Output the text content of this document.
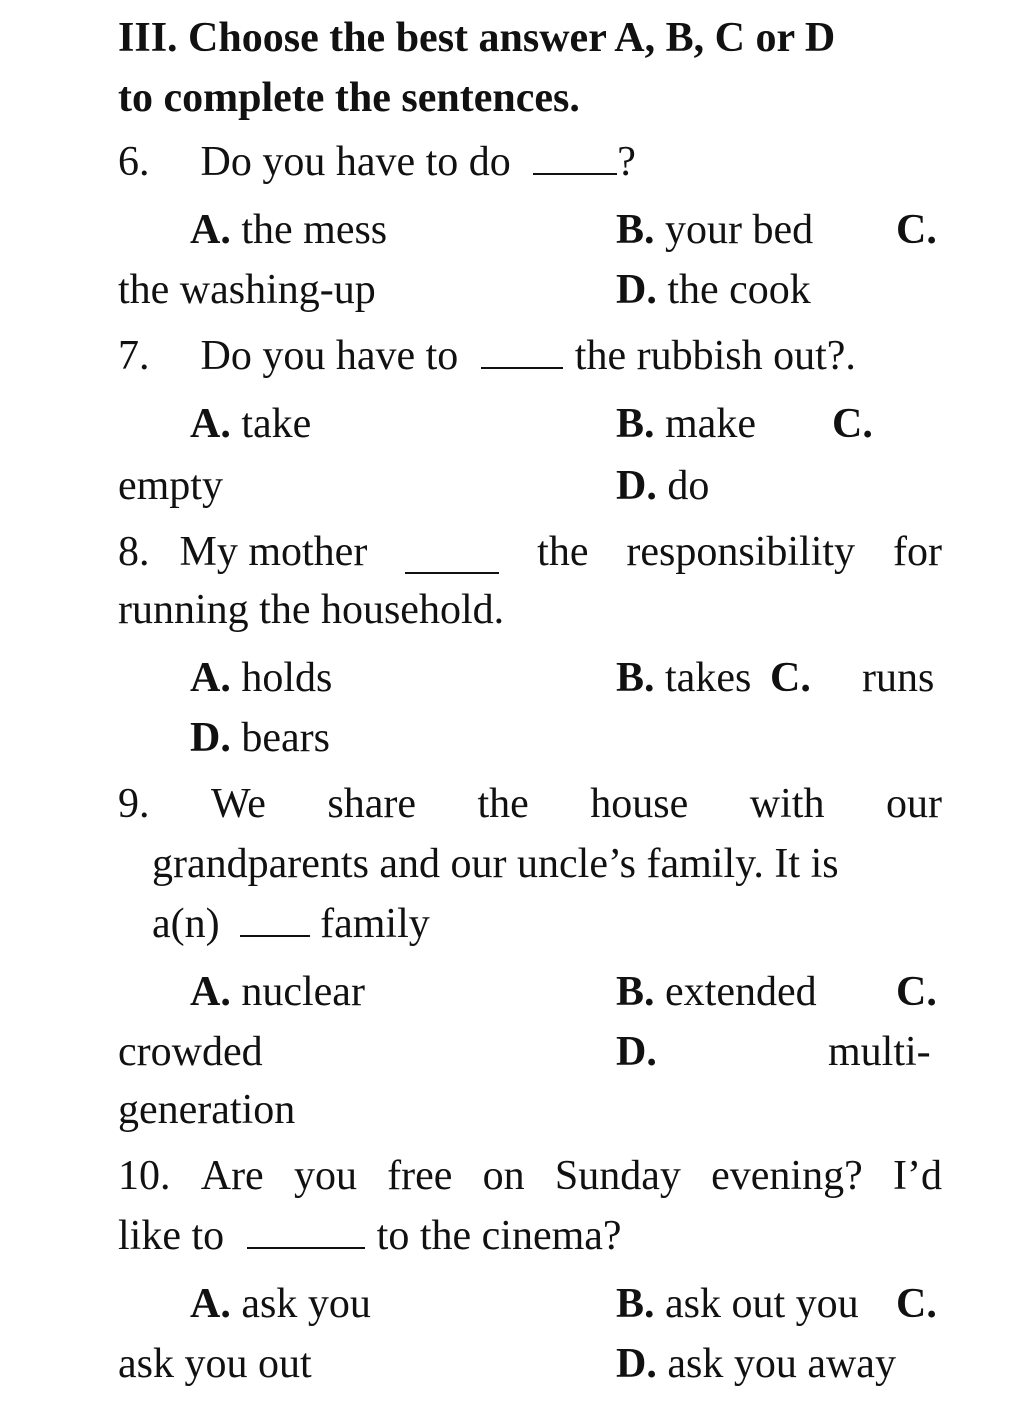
III. Choose the best answer A, B, C or D
to complete the sentences.
6. Do you have to do	?
A. the mess	B. your bed C.
the washing-up	D. the cook
7. Do you have to	the rubbish out?.
A. take	B. make C.
empty	D. do
8. My mother	the responsibility for
running the household.
A. holds	B. takes C. runs
D. bears
9. We share the house with our
grandparents and our uncle’s family. It is
a(n) family
A. nuclear	B. extended C.
crowded	D.	multi-
generation
10. Are you free on Sunday evening? I’d
like to	to the cinema?
A. ask you	B. ask out you C.
ask you out	D. ask you away
